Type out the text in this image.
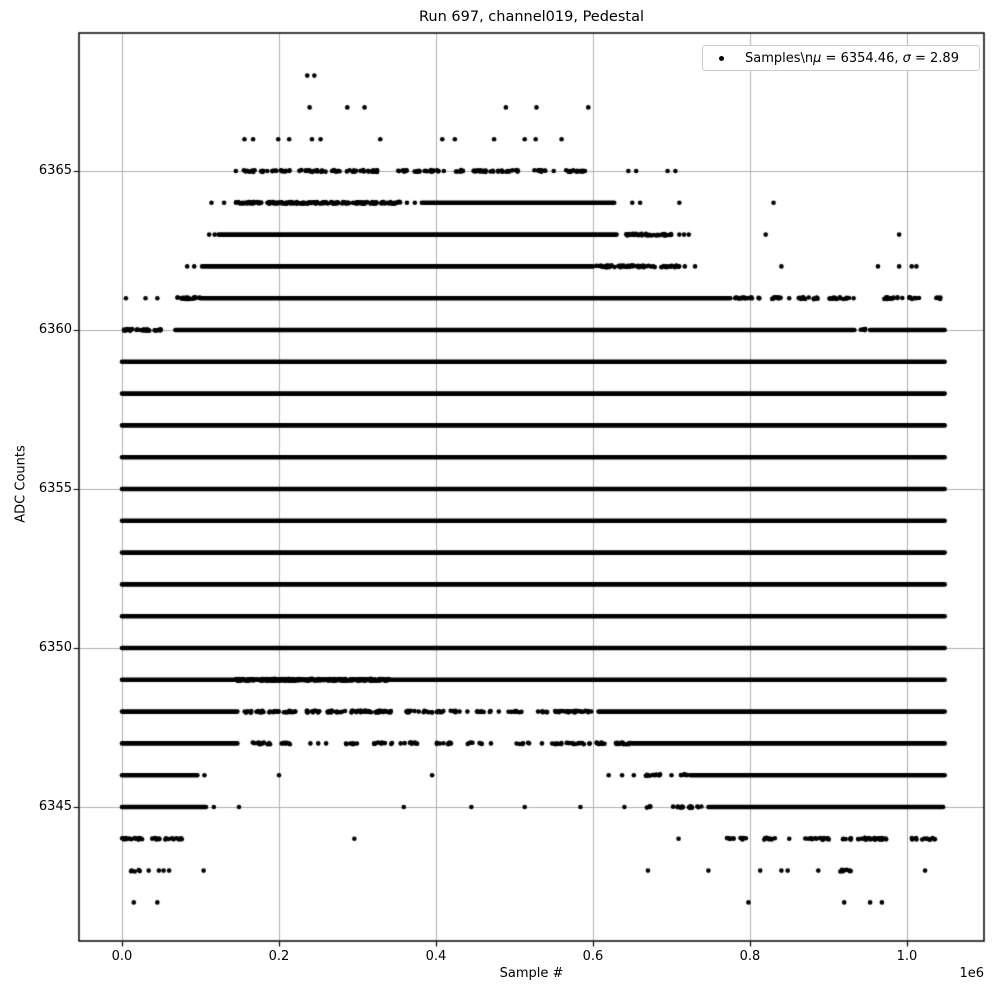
Run 697, channel019, Pedestal
Sample #	1e6
ADC Counts
0.0	0.2	0.4	0.6	0.8	1.0
6345
6350
6355
6360
6365
Samples\nμ = 6354.46, σ = 2.89
